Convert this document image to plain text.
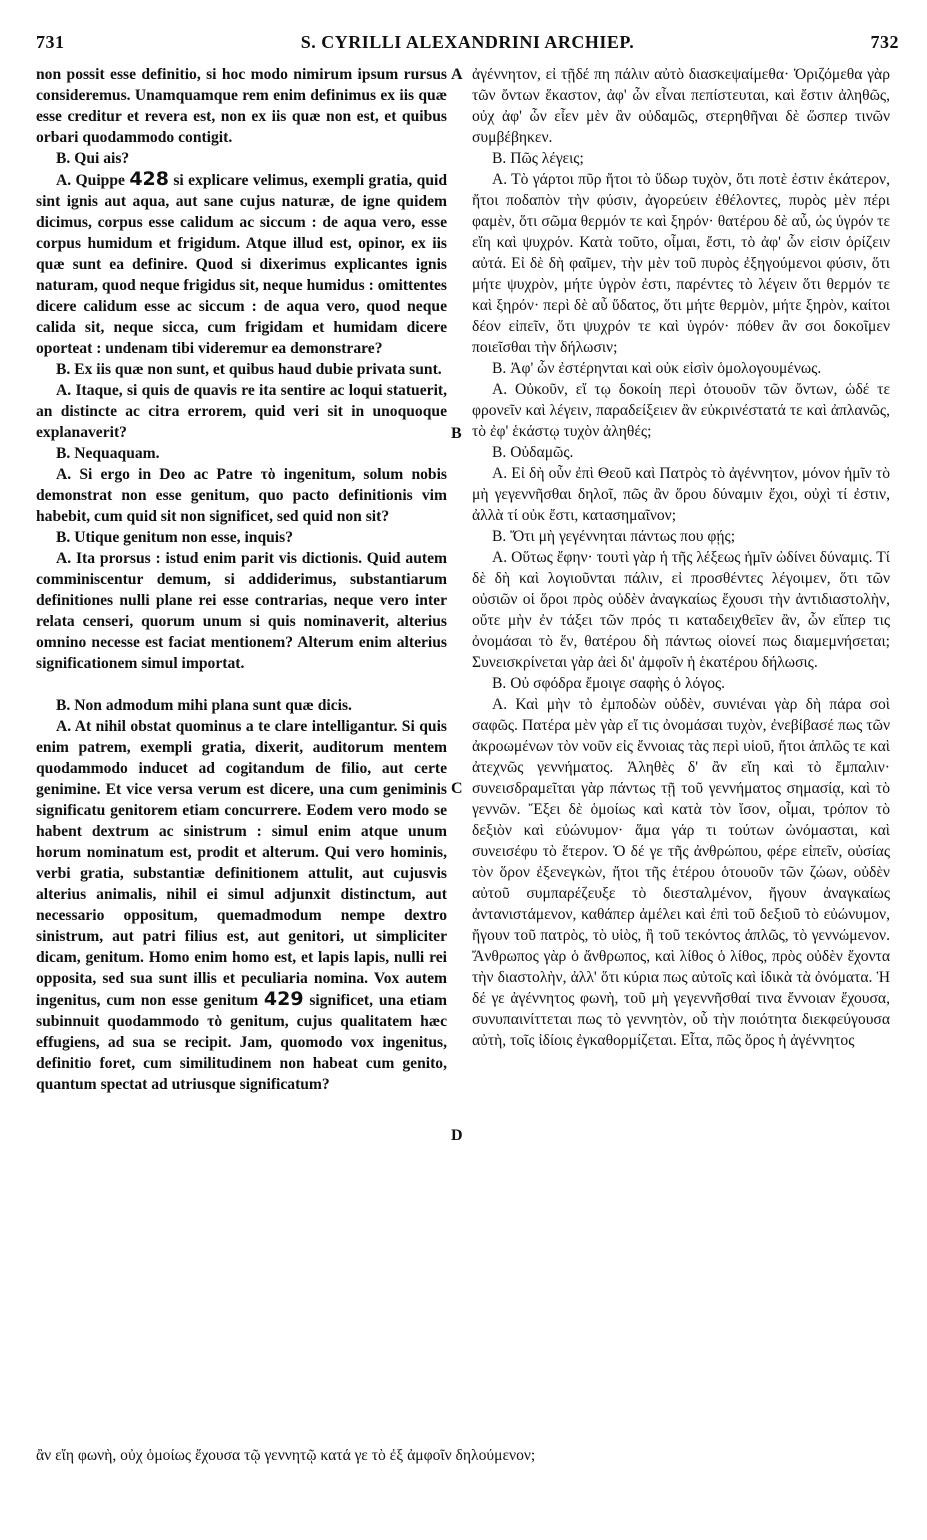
731	S. CYRILLI ALEXANDRINI ARCHIEP.	732
A
B
C
D

non possit esse definitio, si hoc modo nimirum ipsum rursus consideremus. Unamquamque rem enim definimus ex iis quæ esse creditur et revera est, non ex iis quæ non est, et quibus orbari quodammodo contigit.

B. Qui ais?

A. Quippe 428 si explicare velimus, exempli gratia, quid sint ignis aut aqua, aut sane cujus naturæ, de igne quidem dicimus, corpus esse calidum ac siccum : de aqua vero, esse corpus humidum et frigidum. Atque illud est, opinor, ex iis quæ sunt ea definire. Quod si dixerimus explicantes ignis naturam, quod neque frigidus sit, neque humidus : omittentes dicere calidum esse ac siccum : de aqua vero, quod neque calida sit, neque sicca, cum frigidam et humidam dicere oporteat : undenam tibi videremur ea demonstrare?

B. Ex iis quæ non sunt, et quibus haud dubie privata sunt.

A. Itaque, si quis de quavis re ita sentire ac loqui statuerit, an distincte ac citra errorem, quid veri sit in unoquoque explanaverit?

B. Nequaquam.

A. Si ergo in Deo ac Patre τὸ ingenitum, solum nobis demonstrat non esse genitum, quo pacto definitionis vim habebit, cum quid sit non significet, sed quid non sit?

B. Utique genitum non esse, inquis?

A. Ita prorsus : istud enim parit vis dictionis. Quid autem comminiscentur demum, si addiderimus, substantiarum definitiones nulli plane rei esse contrarias, neque vero inter relata censeri, quorum unum si quis nominaverit, alterius omnino necesse est faciat mentionem? Alterum enim alterius significationem simul importat.

B. Non admodum mihi plana sunt quæ dicis.

A. At nihil obstat quominus a te clare intelligantur. Si quis enim patrem, exempli gratia, dixerit, auditorum mentem quodammodo inducet ad cogitandum de filio, aut certe genimine. Et vice versa verum est dicere, una cum geniminis significatu genitorem etiam concurrere. Eodem vero modo se habent dextrum ac sinistrum : simul enim atque unum horum nominatum est, prodit et alterum. Qui vero hominis, verbi gratia, substantiæ definitionem attulit, aut cujusvis alterius animalis, nihil ei simul adjunxit distinctum, aut necessario oppositum, quemadmodum nempe dextro sinistrum, aut patri filius est, aut genitori, ut simpliciter dicam, genitum. Homo enim homo est, et lapis lapis, nulli rei opposita, sed sua sunt illis et peculiaria nomina. Vox autem ingenitus, cum non esse genitum 429 significet, una etiam subinnuit quodammodo τὸ genitum, cujus qualitatem hæc effugiens, ad sua se recipit. Jam, quomodo vox ingenitus, definitio foret, cum similitudinem non habeat cum genito, quantum spectat ad utriusque significatum?

ἀγέννητον, εἰ τῇδέ πη πάλιν αὐτὸ διασκεψαίμεθα· Ὁριζόμεθα γὰρ τῶν ὄντων ἕκαστον, ἀφ' ὧν εἶναι πεπίστευται, καὶ ἔστιν ἀληθῶς, οὐχ ἀφ' ὧν εἶεν μὲν ἂν οὐδαμῶς, στερηθῆναι δὲ ὥσπερ τινῶν συμβέβηκεν.

Β. Πῶς λέγεις;

Α. Τὸ γάρτοι πῦρ ἤτοι τὸ ὕδωρ τυχὸν, ὅτι ποτὲ ἐστιν ἑκάτερον, ἤτοι ποδαπὸν τὴν φύσιν, ἀγορεύειν ἐθέλοντες, πυρὸς μὲν πέρι φαμὲν, ὅτι σῶμα θερμόν τε καὶ ξηρόν· θατέρου δὲ αὖ, ὡς ὑγρόν τε εἴη καὶ ψυχρόν. Κατὰ τοῦτο, οἶμαι, ἔστι, τὸ ἀφ' ὧν εἰσιν ὁρίζειν αὐτά. Εἰ δὲ δὴ φαῖμεν, τὴν μὲν τοῦ πυρὸς ἐξηγούμενοι φύσιν, ὅτι μήτε ψυχρὸν, μήτε ὑγρὸν ἐστι, παρέντες τὸ λέγειν ὅτι θερμόν τε καὶ ξηρόν· περὶ δὲ αὖ ὕδατος, ὅτι μήτε θερμὸν, μήτε ξηρὸν, καίτοι δέον εἰπεῖν, ὅτι ψυχρόν τε καὶ ὑγρόν· πόθεν ἂν σοι δοκοῖμεν ποιεῖσθαι τὴν δήλωσιν;

Β. Ἀφ' ὧν ἐστέρηνται καὶ οὐκ εἰσὶν ὁμολογουμένως.

Α. Οὐκοῦν, εἴ τῳ δοκοίη περὶ ὁτουοῦν τῶν ὄντων, ὡδέ τε φρονεῖν καὶ λέγειν, παραδείξειεν ἂν εὐκρινέστατά τε καὶ ἀπλανῶς, τὸ ἐφ' ἑκάστῳ τυχὸν ἀληθές;

Β. Οὐδαμῶς.

Α. Εἰ δὴ οὖν ἐπὶ Θεοῦ καὶ Πατρὸς τὸ ἀγέννητον, μόνον ἡμῖν τὸ μὴ γεγεννῆσθαι δηλοῖ, πῶς ἂν ὅρου δύναμιν ἔχοι, οὐχὶ τί ἐστιν, ἀλλὰ τί οὐκ ἔστι, κατασημαῖνον;

Β. Ὅτι μὴ γεγέννηται πάντως που φῄς;

Α. Οὕτως ἔφην· τουτὶ γὰρ ἡ τῆς λέξεως ἡμῖν ὠδίνει δύναμις. Τί δὲ δὴ καὶ λογιοῦνται πάλιν, εἰ προσθέντες λέγοιμεν, ὅτι τῶν οὐσιῶν οἱ ὅροι πρὸς οὐδὲν ἀναγκαίως ἔχουσι τὴν ἀντιδιαστολὴν, οὔτε μὴν ἐν τάξει τῶν πρός τι καταδειχθεῖεν ἂν, ὧν εἴπερ τις ὀνομάσαι τὸ ἕν, θατέρου δὴ πάντως οἱονεί πως διαμεμνήσεται; Συνεισκρίνεται γὰρ ἀεὶ δι' ἀμφοῖν ἡ ἑκατέρου δήλωσις.

Β. Οὐ σφόδρα ἔμοιγε σαφὴς ὁ λόγος.

Α. Καὶ μὴν τὸ ἐμποδὼν οὐδὲν, συνιέναι γὰρ δὴ πάρα σοὶ σαφῶς. Πατέρα μὲν γὰρ εἴ τις ὀνομάσαι τυχὸν, ἐνεβίβασέ πως τῶν ἀκροωμένων τὸν νοῦν εἰς ἔννοιας τὰς περὶ υἱοῦ, ἤτοι ἁπλῶς τε καὶ ἀτεχνῶς γεννήματος. Ἀληθὲς δ' ἂν εἴη καὶ τὸ ἔμπαλιν· συνεισδραμεῖται γὰρ πάντως τῇ τοῦ γεννήματος σημασίᾳ, καὶ τὸ γεννῶν. Ἔξει δὲ ὁμοίως καὶ κατὰ τὸν ἴσον, οἶμαι, τρόπον τὸ δεξιὸν καὶ εὐώνυμον· ἅμα γάρ τι τούτων ὠνόμασται, καὶ συνεισέφυ τὸ ἕτερον. Ὁ δέ γε τῆς ἀνθρώπου, φέρε εἰπεῖν, οὐσίας τὸν ὅρον ἐξενεγκὼν, ἤτοι τῆς ἑτέρου ὁτουοῦν τῶν ζώων, οὐδὲν αὐτοῦ συμπαρέζευξε τὸ διεσταλμένον, ἤγουν ἀναγκαίως ἀντανιστάμενον, καθάπερ ἀμέλει καὶ ἐπὶ τοῦ δεξιοῦ τὸ εὐώνυμον, ἤγουν τοῦ πατρὸς, τὸ υἱὸς, ἢ τοῦ τεκόντος ἁπλῶς, τὸ γεννώμενον. Ἄνθρωπος γὰρ ὁ ἄνθρωπος, καὶ λίθος ὁ λίθος, πρὸς οὐδὲν ἔχοντα τὴν διαστολὴν, ἀλλ' ὅτι κύρια πως αὐτοῖς καὶ ἰδικὰ τὰ ὀνόματα. Ἡ δέ γε ἀγέννητος φωνὴ, τοῦ μὴ γεγεννῆσθαί τινα ἔννοιαν ἔχουσα, συνυπαινίττεται πως τὸ γεννητὸν, οὗ τὴν ποιότητα διεκφεύγουσα αὐτὴ, τοῖς ἰδίοις ἐγκαθορμίζεται. Εἶτα, πῶς ὅρος ἡ ἀγέννητος

ἂν εἴη φωνὴ, οὐχ ὁμοίως ἔχουσα τῷ γεννητῷ κατά γε τὸ ἐξ ἀμφοῖν δηλούμενον;
